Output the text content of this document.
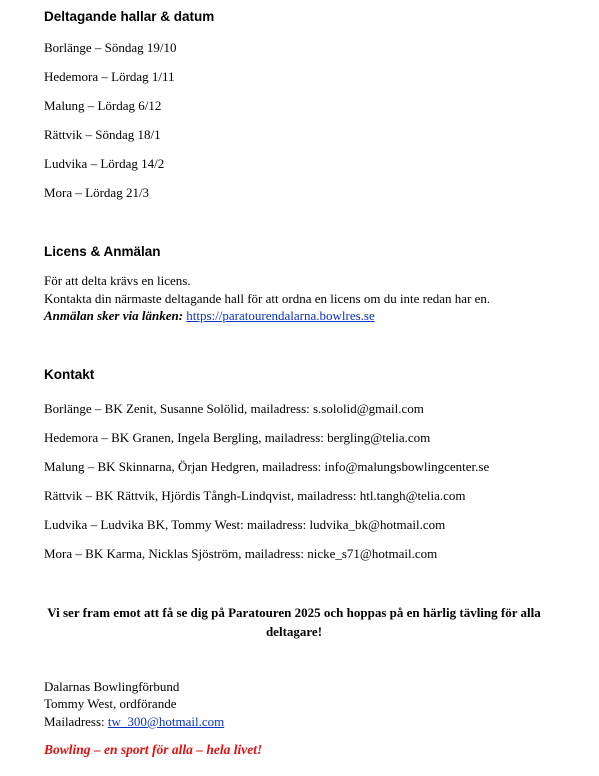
Deltagande hallar & datum
Borlänge – Söndag 19/10
Hedemora – Lördag 1/11
Malung – Lördag 6/12
Rättvik – Söndag 18/1
Ludvika – Lördag 14/2
Mora – Lördag 21/3
Licens & Anmälan
För att delta krävs en licens.
Kontakta din närmaste deltagande hall för att ordna en licens om du inte redan har en.
Anmälan sker via länken: https://paratourendalarna.bowlres.se
Kontakt
Borlänge – BK Zenit, Susanne Solölid, mailadress: s.sololid@gmail.com
Hedemora – BK Granen, Ingela Bergling, mailadress: bergling@telia.com
Malung – BK Skinnarna, Örjan Hedgren, mailadress: info@malungsbowlingcenter.se
Rättvik – BK Rättvik, Hjördis Tångh-Lindqvist, mailadress: htl.tangh@telia.com
Ludvika – Ludvika BK, Tommy West: mailadress: ludvika_bk@hotmail.com
Mora – BK Karma, Nicklas Sjöström, mailadress: nicke_s71@hotmail.com
Vi ser fram emot att få se dig på Paratouren 2025 och hoppas på en härlig tävling för alla deltagare!
Dalarnas Bowlingförbund
Tommy West, ordförande
Mailadress: tw_300@hotmail.com
Bowling – en sport för alla – hela livet!
